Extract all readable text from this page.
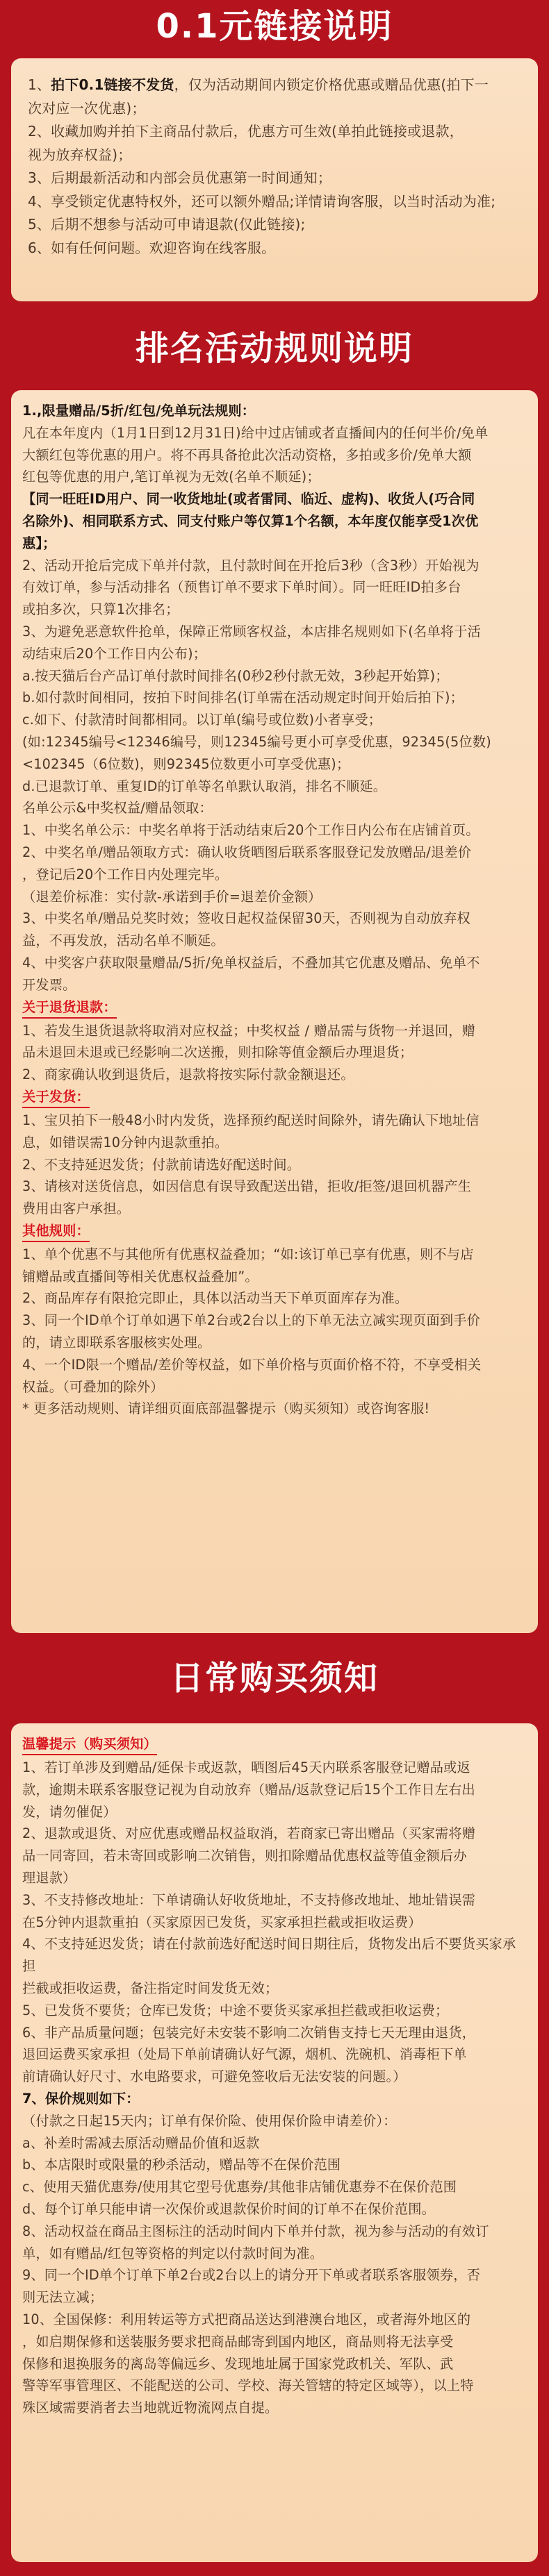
0.1元链接说明
1、拍下0.1链接不发货，仅为活动期间内锁定价格优惠或赠品优惠(拍下一
次对应一次优惠)；
2、收藏加购并拍下主商品付款后，优惠方可生效(单拍此链接或退款，
视为放弃权益)；
3、后期最新活动和内部会员优惠第一时间通知；
4、享受锁定优惠特权外，还可以额外赠品;详情请询客服，以当时活动为准;
5、后期不想参与活动可申请退款(仅此链接);
6、如有任何问题。欢迎咨询在线客服。
排名活动规则说明
1.,限量赠品/5折/红包/免单玩法规则：
凡在本年度内（1月1日到12月31日)给中过店铺或者直播间内的任何半价/免单
大额红包等优惠的用户。将不再具备抢此次活动资格，多拍或多价/免单大额
红包等优惠的用户,笔订单视为无效(名单不顺延)；
【同一旺旺ID用户、同一收货地址(或者雷同、临近、虚构)、收货人(巧合同
名除外)、相同联系方式、同支付账户等仅算1个名额，本年度仅能享受1次优
惠】；
2、活动开抢后完成下单并付款，且付款时间在开抢后3秒（含3秒）开始视为
有效订单，参与活动排名（预售订单不要求下单时间）。同一旺旺ID拍多台
或拍多次，只算1次排名；
3、为避免恶意软件抢单，保障正常顾客权益，本店排名规则如下(名单将于活
动结束后20个工作日内公布)；
a.按天猫后台产品订单付款时间排名(0秒2秒付款无效，3秒起开始算)；
b.如付款时间相同，按拍下时间排名(订单需在活动规定时间开始后拍下)；
c.如下、付款清时间都相同。以订单(编号或位数)小者享受；
(如:12345编号<12346编号，则12345编号更小可享受优惠，92345(5位数)
<102345（6位数)，则92345位数更小可享受优惠)；
d.已退款订单、重复ID的订单等名单默认取消，排名不顺延。
名单公示&中奖权益/赠品领取：
1、中奖名单公示：中奖名单将于活动结束后20个工作日内公布在店铺首页。
2、中奖名单/赠品领取方式：确认收货晒图后联系客服登记发放赠品/退差价
，登记后20个工作日内处理完毕。
（退差价标准：实付款-承诺到手价=退差价金额）
3、中奖名单/赠品兑奖时效；签收日起权益保留30天，否则视为自动放弃权
益，不再发放，活动名单不顺延。
4、中奖客户获取限量赠品/5折/免单权益后，不叠加其它优惠及赠品、免单不
开发票。
关于退货退款：
1、若发生退货退款将取消对应权益；中奖权益 / 赠品需与货物一并退回，赠
品未退回未退或已经影响二次送搬，则扣除等值金额后办理退货；
2、商家确认收到退货后，退款将按实际付款金额退还。
关于发货：
1、宝贝拍下一般48小时内发货，选择预约配送时间除外，请先确认下地址信
息，如错误需10分钟内退款重拍。
2、不支持延迟发货；付款前请选好配送时间。
3、请核对送货信息，如因信息有误导致配送出错，拒收/拒签/退回机器产生
费用由客户承担。
其他规则：
1、单个优惠不与其他所有优惠权益叠加；“如:该订单已享有优惠，则不与店
铺赠品或直播间等相关优惠权益叠加”。
2、商品库存有限抢完即止，具体以活动当天下单页面库存为准。
3、同一个ID单个订单如遇下单2台或2台以上的下单无法立减实现页面到手价
的，请立即联系客服核实处理。
4、一个ID限一个赠品/差价等权益，如下单价格与页面价格不符，不享受相关
权益。（可叠加的除外）
* 更多活动规则、请详细页面底部温馨提示（购买须知）或咨询客服!
日常购买须知
温馨提示（购买须知）
1、若订单涉及到赠品/延保卡或返款，晒图后45天内联系客服登记赠品或返
款，逾期未联系客服登记视为自动放弃（赠品/返款登记后15个工作日左右出
发，请勿催促）
2、退款或退货、对应优惠或赠品权益取消，若商家已寄出赠品（买家需将赠
品一同寄回，若未寄回或影响二次销售，则扣除赠品优惠权益等值金额后办
理退款）
3、不支持修改地址：下单请确认好收货地址，不支持修改地址、地址错误需
在5分钟内退款重拍（买家原因已发货，买家承担拦截或拒收运费）
4、不支持延迟发货；请在付款前选好配送时间日期往后，货物发出后不要货买家承担
拦截或拒收运费，备注指定时间发货无效；
5、已发货不要货；仓库已发货；中途不要货买家承担拦截或拒收运费；
6、非产品质量问题；包装完好未安装不影响二次销售支持七天无理由退货，
退回运费买家承担（处局下单前请确认好气源，烟机、洗碗机、消毒柜下单
前请确认好尺寸、水电路要求，可避免签收后无法安装的问题。）
7、保价规则如下：
（付款之日起15天内；订单有保价险、使用保价险申请差价）：
a、补差时需减去原活动赠品价值和返款
b、本店限时或限量的秒杀活动，赠品等不在保价范围
c、使用天猫优惠券/使用其它型号优惠券/其他非店铺优惠券不在保价范围
d、每个订单只能申请一次保价或退款保价时间的订单不在保价范围。
8、活动权益在商品主图标注的活动时间内下单并付款，视为参与活动的有效订
单，如有赠品/红包等资格的判定以付款时间为准。
9、同一个ID单个订单下单2台或2台以上的请分开下单或者联系客服领券，否
则无法立减；
10、全国保修：利用转运等方式把商品送达到港澳台地区，或者海外地区的
，如启期保修和送装服务要求把商品邮寄到国内地区，商品则将无法享受
保修和退换服务的离岛等偏远乡、发现地址属于国家党政机关、军队、武
警等军事管理区、不能配送的公司、学校、海关管辖的特定区域等），以上特
殊区域需要消者去当地就近物流网点自提。
